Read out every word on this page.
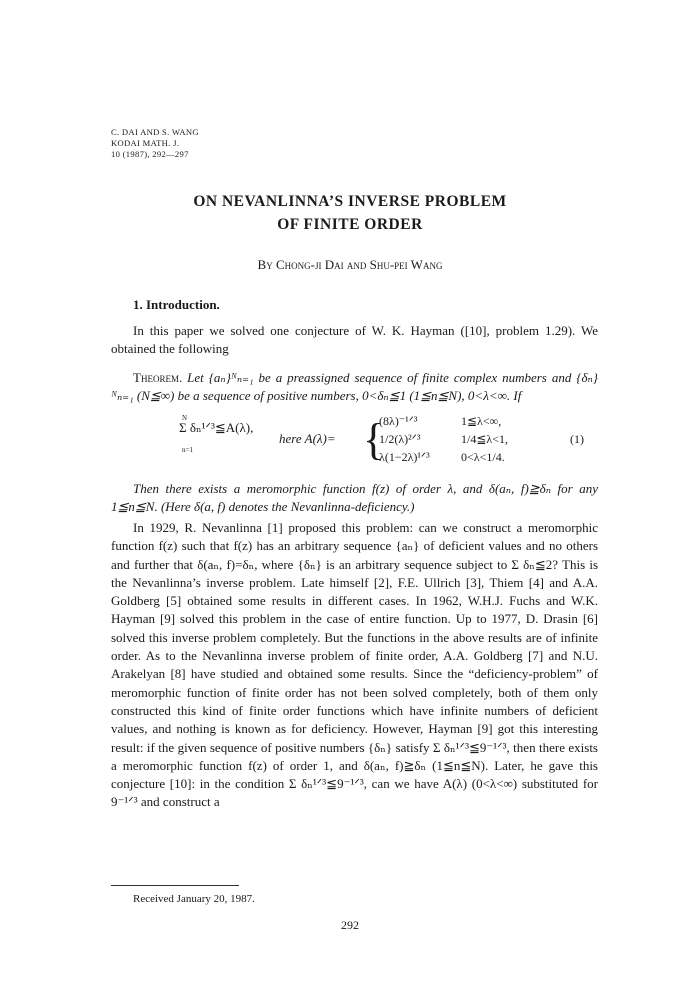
C. DAI AND S. WANG
KODAI MATH. J.
10 (1987), 292—297
ON NEVANLINNA’S INVERSE PROBLEM
OF FINITE ORDER
By Chong-ji Dai and Shu-pei Wang
1. Introduction.
In this paper we solved one conjecture of W. K. Hayman ([10], problem 1.29). We obtained the following
Theorem. Let {aₙ}ᴺₙ₌₁ be a preassigned sequence of finite complex numbers and {δₙ}ᴺₙ₌₁ (N≦∞) be a sequence of positive numbers, 0<δₙ≦1 (1≦n≦N), 0<λ<∞. If
N
Σ δₙ¹ᐟ³≦A(λ),
n=1
here A(λ)= {
(8λ)⁻¹ᐟ³	1≦λ<∞,
1/2(λ)²ᐟ³	1/4≦λ<1,
λ(1−2λ)¹ᐟ³	0<λ<1/4.
(1)
Then there exists a meromorphic function f(z) of order λ, and δ(aₙ, f)≧δₙ for any 1≦n≦N. (Here δ(a, f) denotes the Nevanlinna-deficiency.)
In 1929, R. Nevanlinna [1] proposed this problem: can we construct a meromorphic function f(z) such that f(z) has an arbitrary sequence {aₙ} of deficient values and no others and further that δ(aₙ, f)=δₙ, where {δₙ} is an arbitrary sequence subject to Σ δₙ≦2? This is the Nevanlinna’s inverse problem. Late himself [2], F.E. Ullrich [3], Thiem [4] and A.A. Goldberg [5] obtained some results in different cases. In 1962, W.H.J. Fuchs and W.K. Hayman [9] solved this problem in the case of entire function. Up to 1977, D. Drasin [6] solved this inverse problem completely. But the functions in the above results are of infinite order. As to the Nevanlinna inverse problem of finite order, A.A. Goldberg [7] and N.U. Arakelyan [8] have studied and obtained some results. Since the “deficiency-problem” of meromorphic function of finite order has not been solved completely, both of them only constructed this kind of finite order functions which have infinite numbers of deficient values, and nothing is known as for deficiency. However, Hayman [9] got this interesting result: if the given sequence of positive numbers {δₙ} satisfy Σ δₙ¹ᐟ³≦9⁻¹ᐟ³, then there exists a meromorphic function f(z) of order 1, and δ(aₙ, f)≧δₙ (1≦n≦N). Later, he gave this conjecture [10]: in the condition Σ δₙ¹ᐟ³≦9⁻¹ᐟ³, can we have A(λ) (0<λ<∞) substituted for 9⁻¹ᐟ³ and construct a
Received January 20, 1987.
292
